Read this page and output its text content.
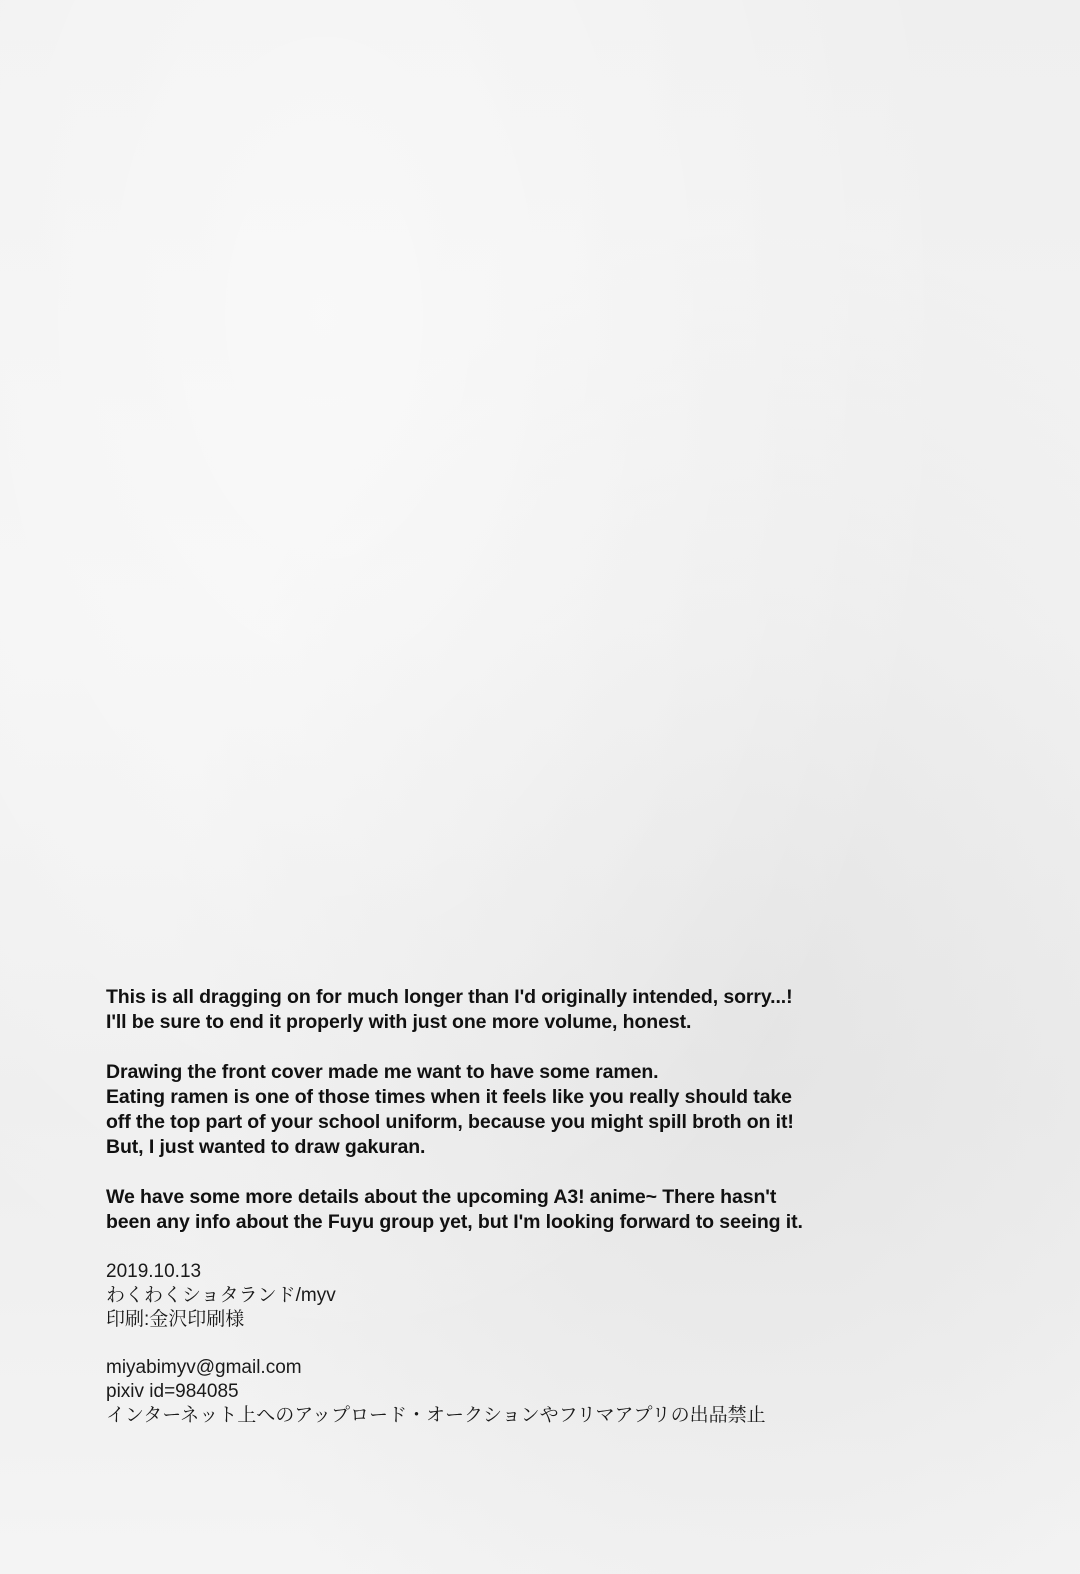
This is all dragging on for much longer than I'd originally intended, sorry...!
I'll be sure to end it properly with just one more volume, honest.

Drawing the front cover made me want to have some ramen.
Eating ramen is one of those times when it feels like you really should take
off the top part of your school uniform, because you might spill broth on it!
But, I just wanted to draw gakuran.

We have some more details about the upcoming A3! anime~ There hasn't
been any info about the Fuyu group yet, but I'm looking forward to seeing it.

2019.10.13
わくわくショタランド/myv
印刷:金沢印刷様
miyabimyv@gmail.com
pixiv id=984085
インターネット上へのアップロード・オークションやフリマアプリの出品禁止
